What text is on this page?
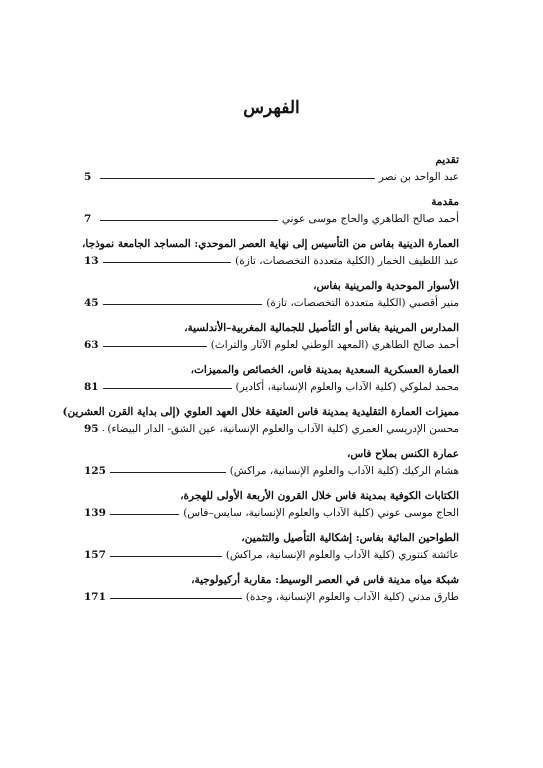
الفهرس
تقديم
عبد الواحد بن نصر
5
مقدمة
أحمد صالح الطاهري والحاج موسى عوني
7
العمارة الدينية بفاس من التأسيس إلى نهاية العصر الموحدي: المساجد الجامعة نموذجا،
عبد اللطيف الخمار (الكلية متعددة التخصصات، تازة)
13
الأسوار الموحدية والمرينية بفاس،
منير أقصبي (الكلية متعددة التخصصات، تازة)
45
المدارس المرينية بفاس أو التأصيل للجمالية المغربية–الأندلسية،
أحمد صالح الطاهري (المعهد الوطني لعلوم الآثار والتراث)
63
العمارة العسكرية السعدية بمدينة فاس، الخصائص والمميزات،
محمد لملوكي (كلية الآداب والعلوم الإنسانية، أكادير)
81
مميزات العمارة التقليدية بمدينة فاس العتيقة خلال العهد العلوي (إلى بداية القرن العشرين)
محسن الإدريسي العمري (كلية الآداب والعلوم الإنسانية، عين الشق- الدار البيضاء)
95
عمارة الكنس بملاح فاس،
هشام الركيك (كلية الآداب والعلوم الإنسانية، مراكش)
125
الكتابات الكوفية بمدينة فاس خلال القرون الأربعة الأولى للهجرة،
الحاج موسى عوني (كلية الآداب والعلوم الإنسانية، سايس–فاس)
139
الطواحين المائية بفاس: إشكالية التأصيل والتثمين،
عائشة كنتوري (كلية الآداب والعلوم الإنسانية، مراكش)
157
شبكة مياه مدينة فاس في العصر الوسيط: مقاربة أركيولوجية،
طارق مدني (كلية الآداب والعلوم الإنسانية، وجدة)
171
